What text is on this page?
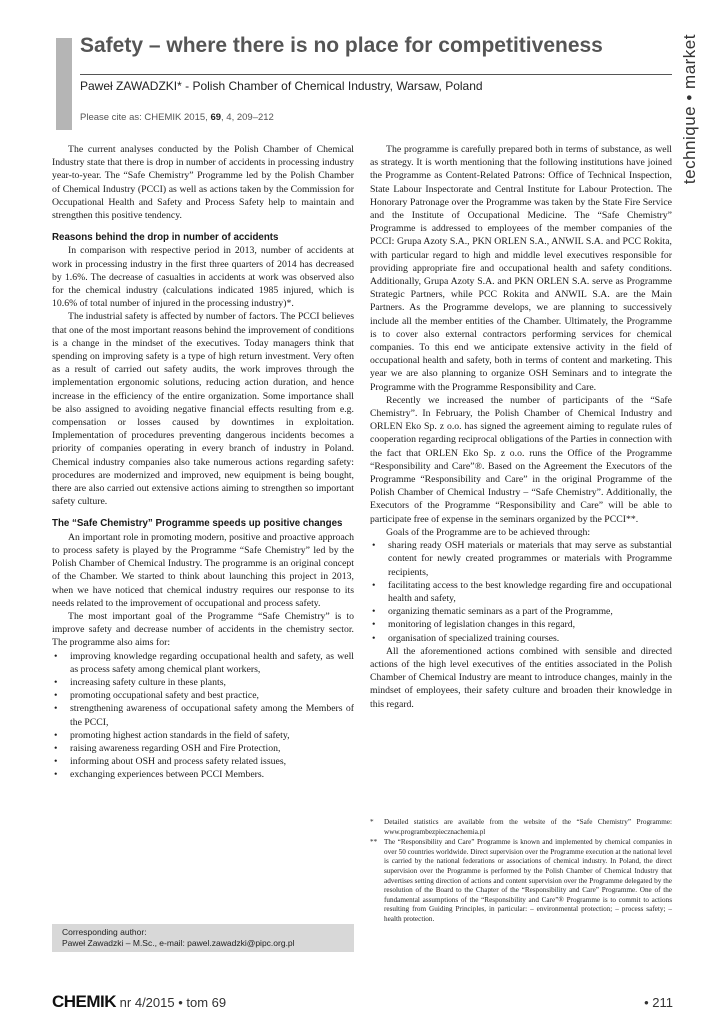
Safety – where there is no place for competitiveness
Paweł ZAWADZKI* - Polish Chamber of Chemical Industry, Warsaw, Poland
Please cite as: CHEMIK 2015, 69, 4, 209–212	technique • market

The current analyses conducted by the Polish Chamber of Chemical Industry state that there is drop in number of accidents in processing industry year-to-year. The “Safe Chemistry” Programme led by the Polish Chamber of Chemical Industry (PCCI) as well as actions taken by the Commission for Occupational Health and Safety and Process Safety help to maintain and strengthen this positive tendency.

Reasons behind the drop in number of accidents

In comparison with respective period in 2013, number of accidents at work in processing industry in the first three quarters of 2014 has decreased by 1.6%. The decrease of casualties in accidents at work was observed also for the chemical industry (calculations indicated 1985 injured, which is 10.6% of total number of injured in the processing industry)*.

The industrial safety is affected by number of factors. The PCCI believes that one of the most important reasons behind the improvement of conditions is a change in the mindset of the executives. Today managers think that spending on improving safety is a type of high return investment. Very often as a result of carried out safety audits, the work improves through the implementation ergonomic solutions, reducing action duration, and hence increase in the efficiency of the entire organization. Some importance shall be also assigned to avoiding negative financial effects resulting from e.g. compensation or losses caused by downtimes in exploitation. Implementation of procedures preventing dangerous incidents becomes a priority of companies operating in every branch of industry in Poland. Chemical industry companies also take numerous actions regarding safety: procedures are modernized and improved, new equipment is being bought, there are also carried out extensive actions aiming to strengthen so important safety culture.

The “Safe Chemistry” Programme speeds up positive changes

An important role in promoting modern, positive and proactive approach to process safety is played by the Programme “Safe Chemistry” led by the Polish Chamber of Chemical Industry. The programme is an original concept of the Chamber. We started to think about launching this project in 2013, when we have noticed that chemical industry requires our response to its needs related to the improvement of occupational and process safety.

The most important goal of the Programme “Safe Chemistry” is to improve safety and decrease number of accidents in the chemistry sector. The programme also aims for:

• improving knowledge regarding occupational health and safety, as well as process safety among chemical plant workers,
• increasing safety culture in these plants,
• promoting occupational safety and best practice,
• strengthening awareness of occupational safety among the Members of the PCCI,
• promoting highest action standards in the field of safety,
• raising awareness regarding OSH and Fire Protection,
• informing about OSH and process safety related issues,
• exchanging experiences between PCCI Members.
Corresponding author:
Paweł Zawadzki – M.Sc., e-mail: pawel.zawadzki@pipc.org.pl

The programme is carefully prepared both in terms of substance, as well as strategy. It is worth mentioning that the following institutions have joined the Programme as Content-Related Patrons: Office of Technical Inspection, State Labour Inspectorate and Central Institute for Labour Protection. The Honorary Patronage over the Programme was taken by the State Fire Service and the Institute of Occupational Medicine. The “Safe Chemistry” Programme is addressed to employees of the member companies of the PCCI: Grupa Azoty S.A., PKN ORLEN S.A., ANWIL S.A. and PCC Rokita, with particular regard to high and middle level executives responsible for providing appropriate fire and occupational health and safety conditions. Additionally, Grupa Azoty S.A. and PKN ORLEN S.A. serve as Programme Strategic Partners, while PCC Rokita and ANWIL S.A. are the Main Partners. As the Programme develops, we are planning to successively include all the member entities of the Chamber. Ultimately, the Programme is to cover also external contractors performing services for chemical companies. To this end we anticipate extensive activity in the field of occupational health and safety, both in terms of content and marketing. This year we are also planning to organize OSH Seminars and to integrate the Programme with the Programme Responsibility and Care.

Recently we increased the number of participants of the “Safe Chemistry”. In February, the Polish Chamber of Chemical Industry and ORLEN Eko Sp. z o.o. has signed the agreement aiming to regulate rules of cooperation regarding reciprocal obligations of the Parties in connection with the fact that ORLEN Eko Sp. z o.o. runs the Office of the Programme “Responsibility and Care”®. Based on the Agreement the Executors of the Programme “Responsibility and Care” in the original Programme of the Polish Chamber of Chemical Industry – “Safe Chemistry”. Additionally, the Executors of the Programme “Responsibility and Care” will be able to participate free of expense in the seminars organized by the PCCI**.

Goals of the Programme are to be achieved through:

• sharing ready OSH materials or materials that may serve as substantial content for newly created programmes or materials with Programme recipients,
• facilitating access to the best knowledge regarding fire and occupational health and safety,
• organizing thematic seminars as a part of the Programme,
• monitoring of legislation changes in this regard,
• organisation of specialized training courses.

All the aforementioned actions combined with sensible and directed actions of the high level executives of the entities associated in the Polish Chamber of Chemical Industry are meant to introduce changes, mainly in the mindset of employees, their safety culture and broaden their knowledge in this regard.

* Detailed statistics are available from the website of the “Safe Chemistry” Programme: www.programbezpiecznachemia.pl
** The “Responsibility and Care” Programme is known and implemented by chemical companies in over 50 countries worldwide. Direct supervision over the Programme execution at the national level is carried by the national federations or associations of chemical industry. In Poland, the direct supervision over the Programme is performed by the Polish Chamber of Chemical Industry that advertises setting direction of actions and content supervision over the Programme delegated by the resolution of the Board to the Chapter of the “Responsibility and Care” Programme. One of the fundamental assumptions of the “Responsibility and Care”® Programme is to commit to actions resulting from Guiding Principles, in particular: – environmental protection; – process safety; – health protection.
CHEMIK nr 4/2015 • tom 69	• 211
